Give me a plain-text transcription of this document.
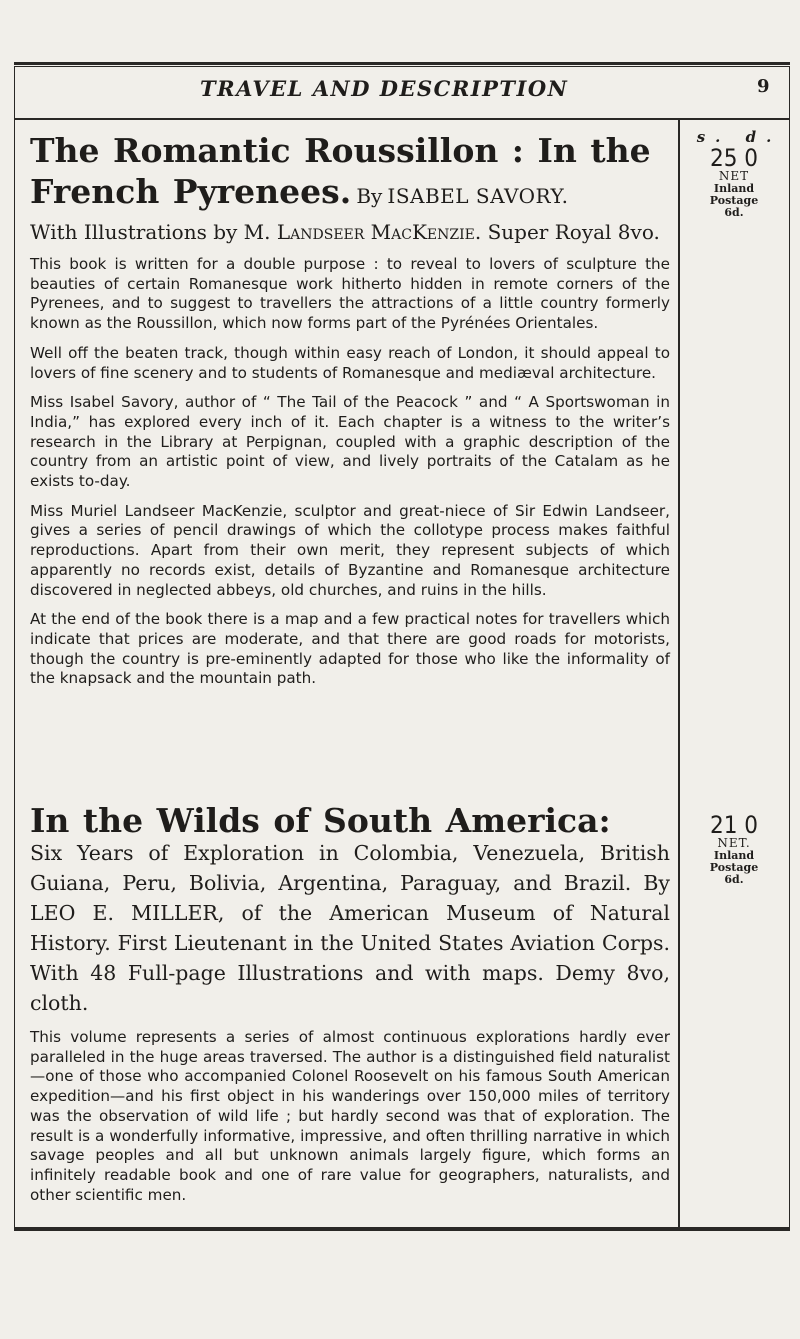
TRAVEL AND DESCRIPTION	9
The Romantic Roussillon : In the French Pyrenees. By ISABEL SAVORY.
With Illustrations by M. Landseer MacKenzie. Super Royal 8vo.

This book is written for a double purpose : to reveal to lovers of sculpture the beauties of certain Romanesque work hitherto hidden in remote corners of the Pyrenees, and to suggest to travellers the attractions of a little country formerly known as the Roussillon, which now forms part of the Pyrénées Orientales.

Well off the beaten track, though within easy reach of London, it should appeal to lovers of fine scenery and to students of Romanesque and mediæval architecture.

Miss Isabel Savory, author of “ The Tail of the Peacock ” and “ A Sportswoman in India,” has explored every inch of it. Each chapter is a witness to the writer’s research in the Library at Perpignan, coupled with a graphic description of the country from an artistic point of view, and lively portraits of the Catalam as he exists to-day.

Miss Muriel Landseer MacKenzie, sculptor and great-niece of Sir Edwin Landseer, gives a series of pencil drawings of which the collotype process makes faithful reproductions. Apart from their own merit, they represent subjects of which apparently no records exist, details of Byzantine and Romanesque architecture discovered in neglected abbeys, old churches, and ruins in the hills.

At the end of the book there is a map and a few practical notes for travellers which indicate that prices are moderate, and that there are good roads for motorists, though the country is pre-eminently adapted for those who like the informality of the knapsack and the mountain path.

s. d.
25 0
NET
Inland
Postage
6d.
In the Wilds of South America:
Six Years of Exploration in Colombia, Venezuela, British Guiana, Peru, Bolivia, Argentina, Paraguay, and Brazil. By LEO E. MILLER, of the American Museum of Natural History. First Lieutenant in the United States Aviation Corps. With 48 Full-page Illustrations and with maps. Demy 8vo, cloth.

This volume represents a series of almost continuous explorations hardly ever paralleled in the huge areas traversed. The author is a distinguished field naturalist—one of those who accompanied Colonel Roosevelt on his famous South American expedition—and his first object in his wanderings over 150,000 miles of territory was the observation of wild life ; but hardly second was that of exploration. The result is a wonderfully informative, impressive, and often thrilling narrative in which savage peoples and all but unknown animals largely figure, which forms an infinitely readable book and one of rare value for geographers, naturalists, and other scientific men.

21 0
NET.
Inland
Postage
6d.
